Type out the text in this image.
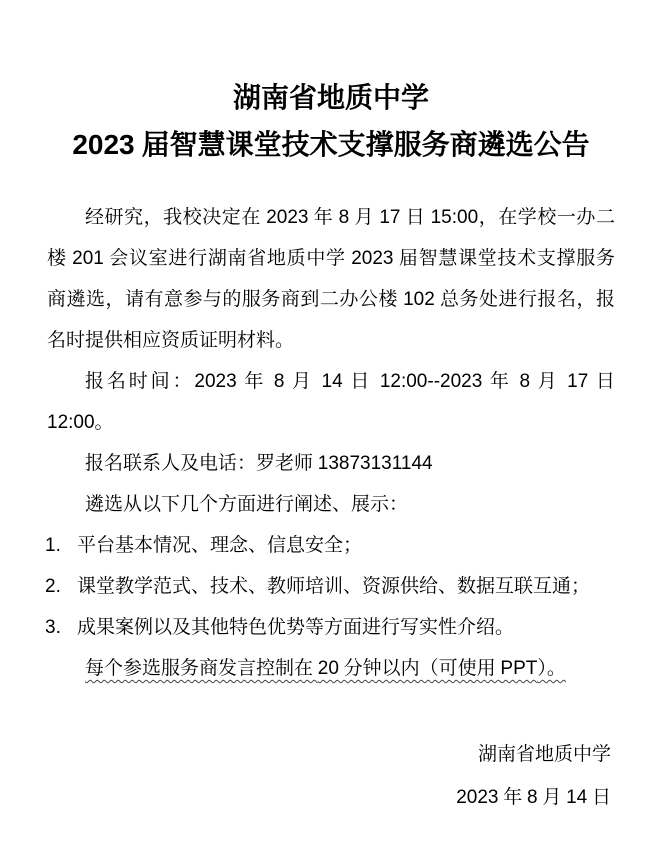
湖南省地质中学
2023 届智慧课堂技术支撑服务商遴选公告

经研究，我校决定在 2023 年 8 月 17 日 15:00，在学校一办二楼 201 会议室进行湖南省地质中学 2023 届智慧课堂技术支撑服务商遴选，请有意参与的服务商到二办公楼 102 总务处进行报名，报名时提供相应资质证明材料。

报名时间：2023 年 8 月 14 日 12:00--2023 年 8 月 17 日 12:00。

报名联系人及电话：罗老师 13873131144

遴选从以下几个方面进行阐述、展示：

1. 平台基本情况、理念、信息安全；
2. 课堂教学范式、技术、教师培训、资源供给、数据互联互通；
3. 成果案例以及其他特色优势等方面进行写实性介绍。

每个参选服务商发言控制在 20 分钟以内（可使用 PPT）。

湖南省地质中学
2023 年 8 月 14 日
